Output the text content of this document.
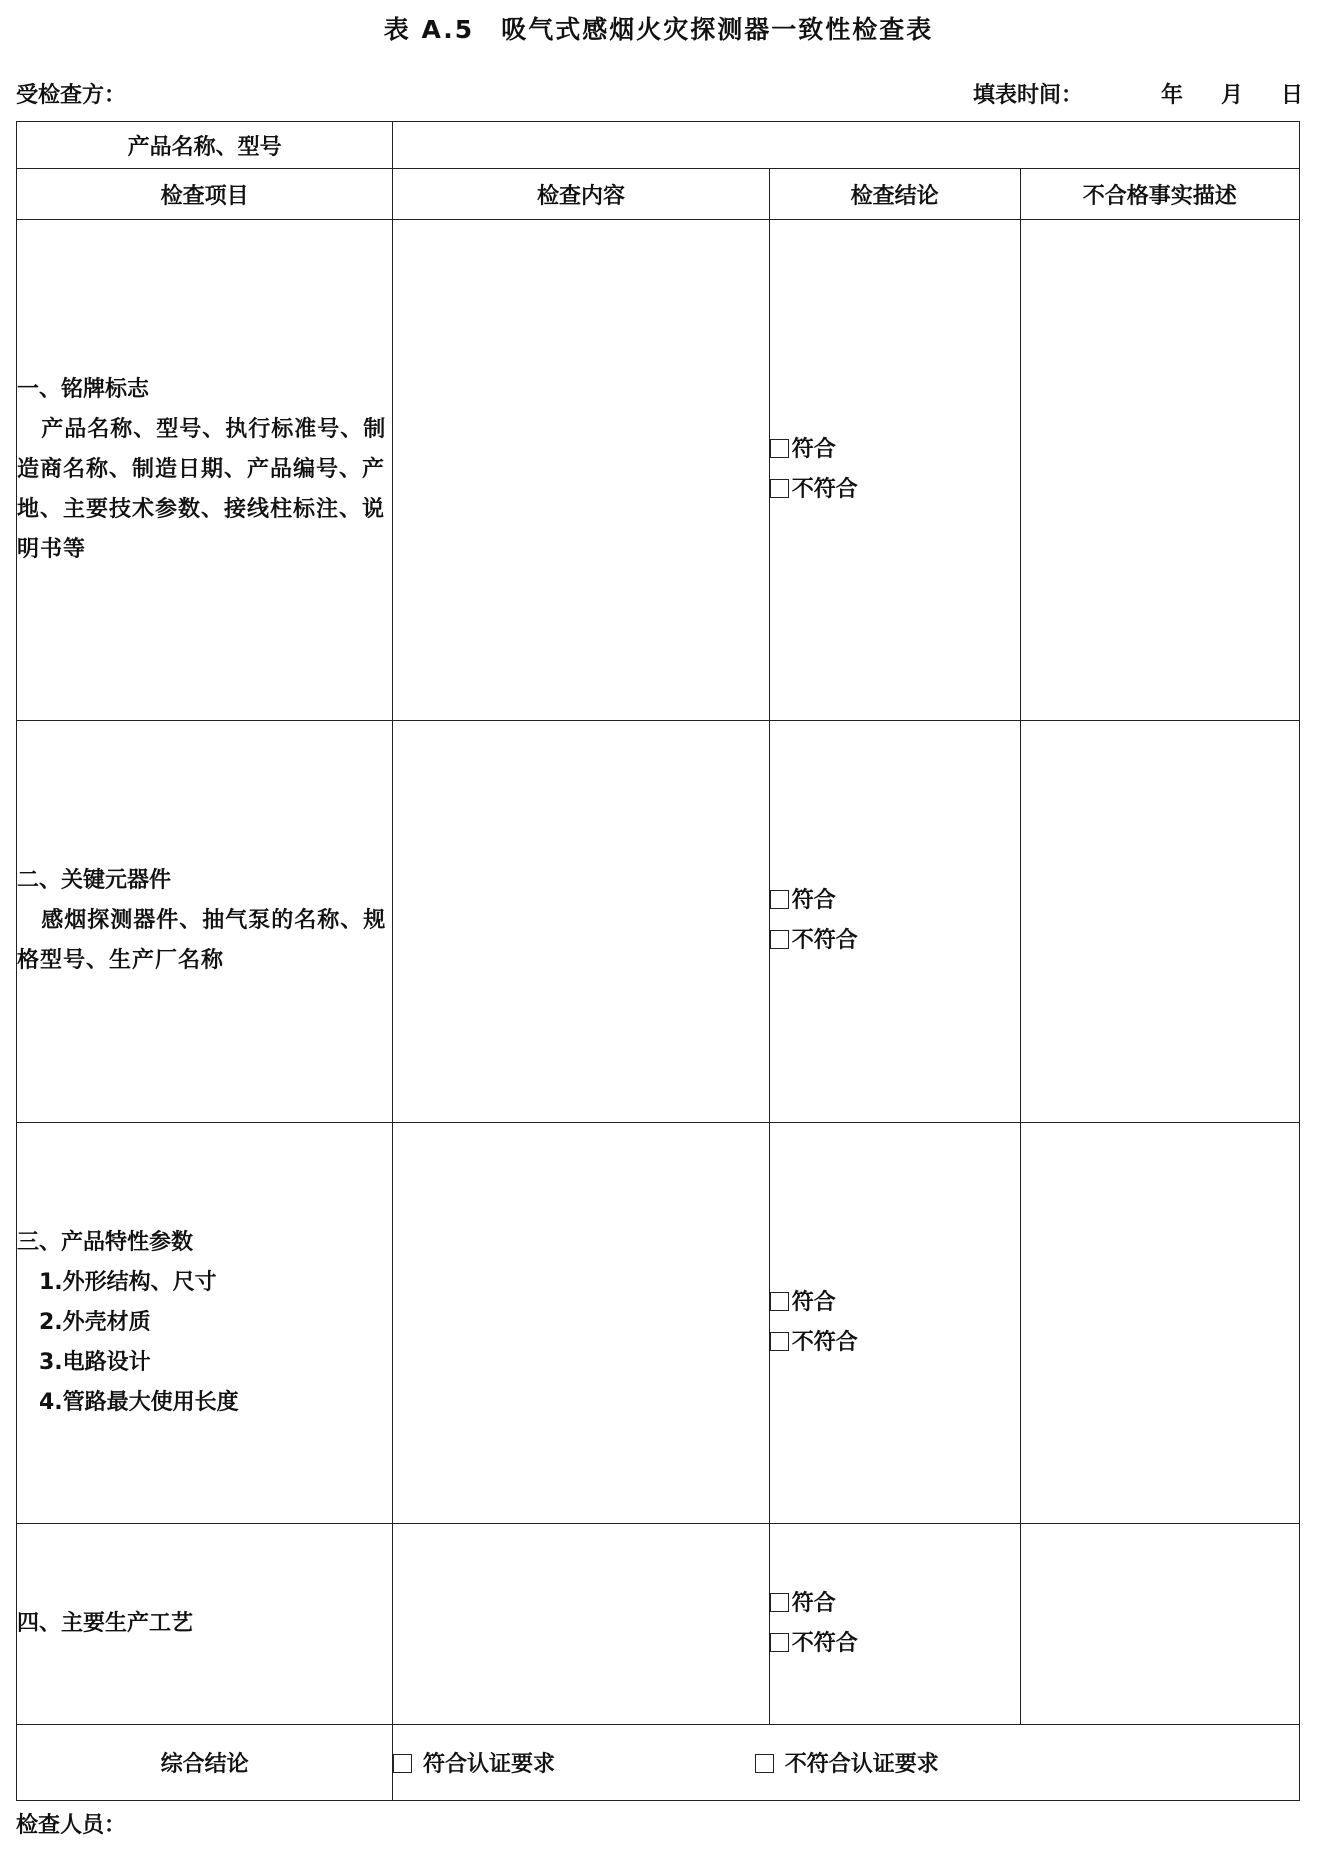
表 A.5　吸气式感烟火灾探测器一致性检查表
受检查方：	填表时间：	年 月 日
产品名称、型号			
检查项目	检查内容	检查结论	不合格事实描述

一、铭牌标志
产品名称、型号、执行标准号、制造商名称、制造日期、产品编号、产地、主要技术参数、接线柱标注、说明书等		符合
不符合	

二、关键元器件
感烟探测器件、抽气泵的名称、规格型号、生产厂名称		符合
不符合	

三、产品特性参数
1.外形结构、尺寸
2.外壳材质
3.电路设计
4.管路最大使用长度		符合
不符合	

四、主要生产工艺		符合
不符合	

综合结论	符合认证要求 不符合认证要求		
检查人员：
